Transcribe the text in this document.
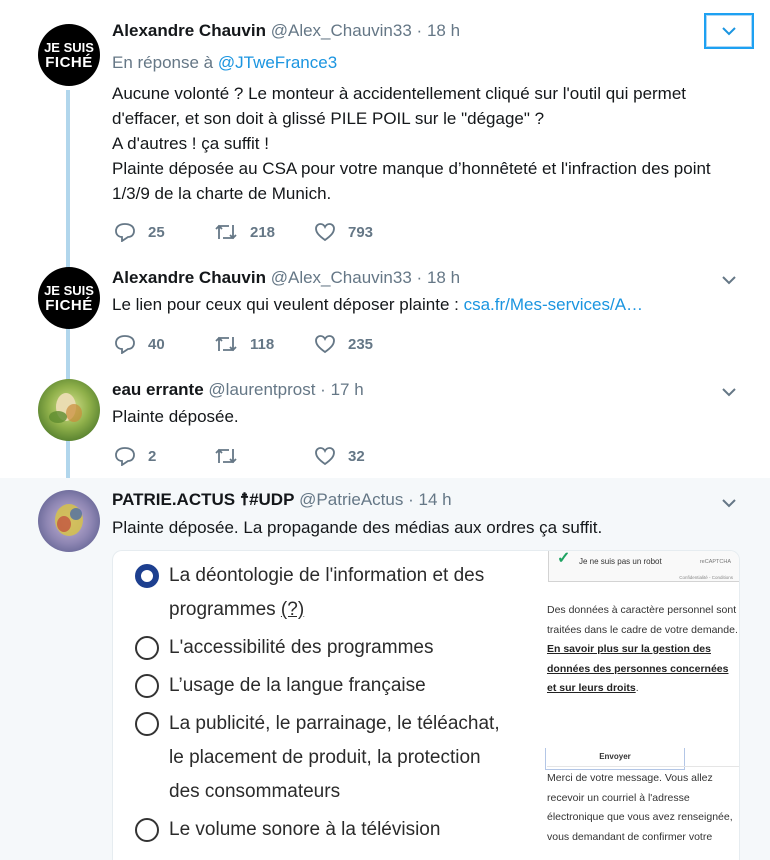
JE SUIS
FICHÉ
Alexandre Chauvin @Alex_Chauvin33 · 18 h
En réponse à @JTweFrance3
Aucune volonté ? Le monteur à accidentellement cliqué sur l'outil qui permet
d'effacer, et son doit à glissé PILE POIL sur le "dégage" ?
A d'autres ! ça suffit !
Plainte déposée au CSA pour votre manque d’honnêteté et l'infraction des point
1/3/9 de la charte de Munich.
25	218	793
JE SUIS
FICHÉ
Alexandre Chauvin @Alex_Chauvin33 · 18 h
Le lien pour ceux qui veulent déposer plainte : csa.fr/Mes-services/A…
40	118	235
eau errante @laurentprost · 17 h
Plainte déposée.
2	32
PATRIE.ACTUS ☨#UDP @PatrieActus · 14 h
Plainte déposée. La propagande des médias aux ordres ça suffit.
La déontologie de l'information et des
programmes (?)
L'accessibilité des programmes
L’usage de la langue française
La publicité, le parrainage, le téléachat,
le placement de produit, la protection
des consommateurs
Le volume sonore à la télévision
✓ Je ne suis pas un robot	reCAPTCHA
Confidentialité - Conditions
Des données à caractère personnel sont traitées dans le cadre de votre demande. En savoir plus sur la gestion des données des personnes concernées et sur leurs droits.
Envoyer
Merci de votre message. Vous allez recevoir un courriel à l'adresse électronique que vous avez renseignée, vous demandant de confirmer votre
